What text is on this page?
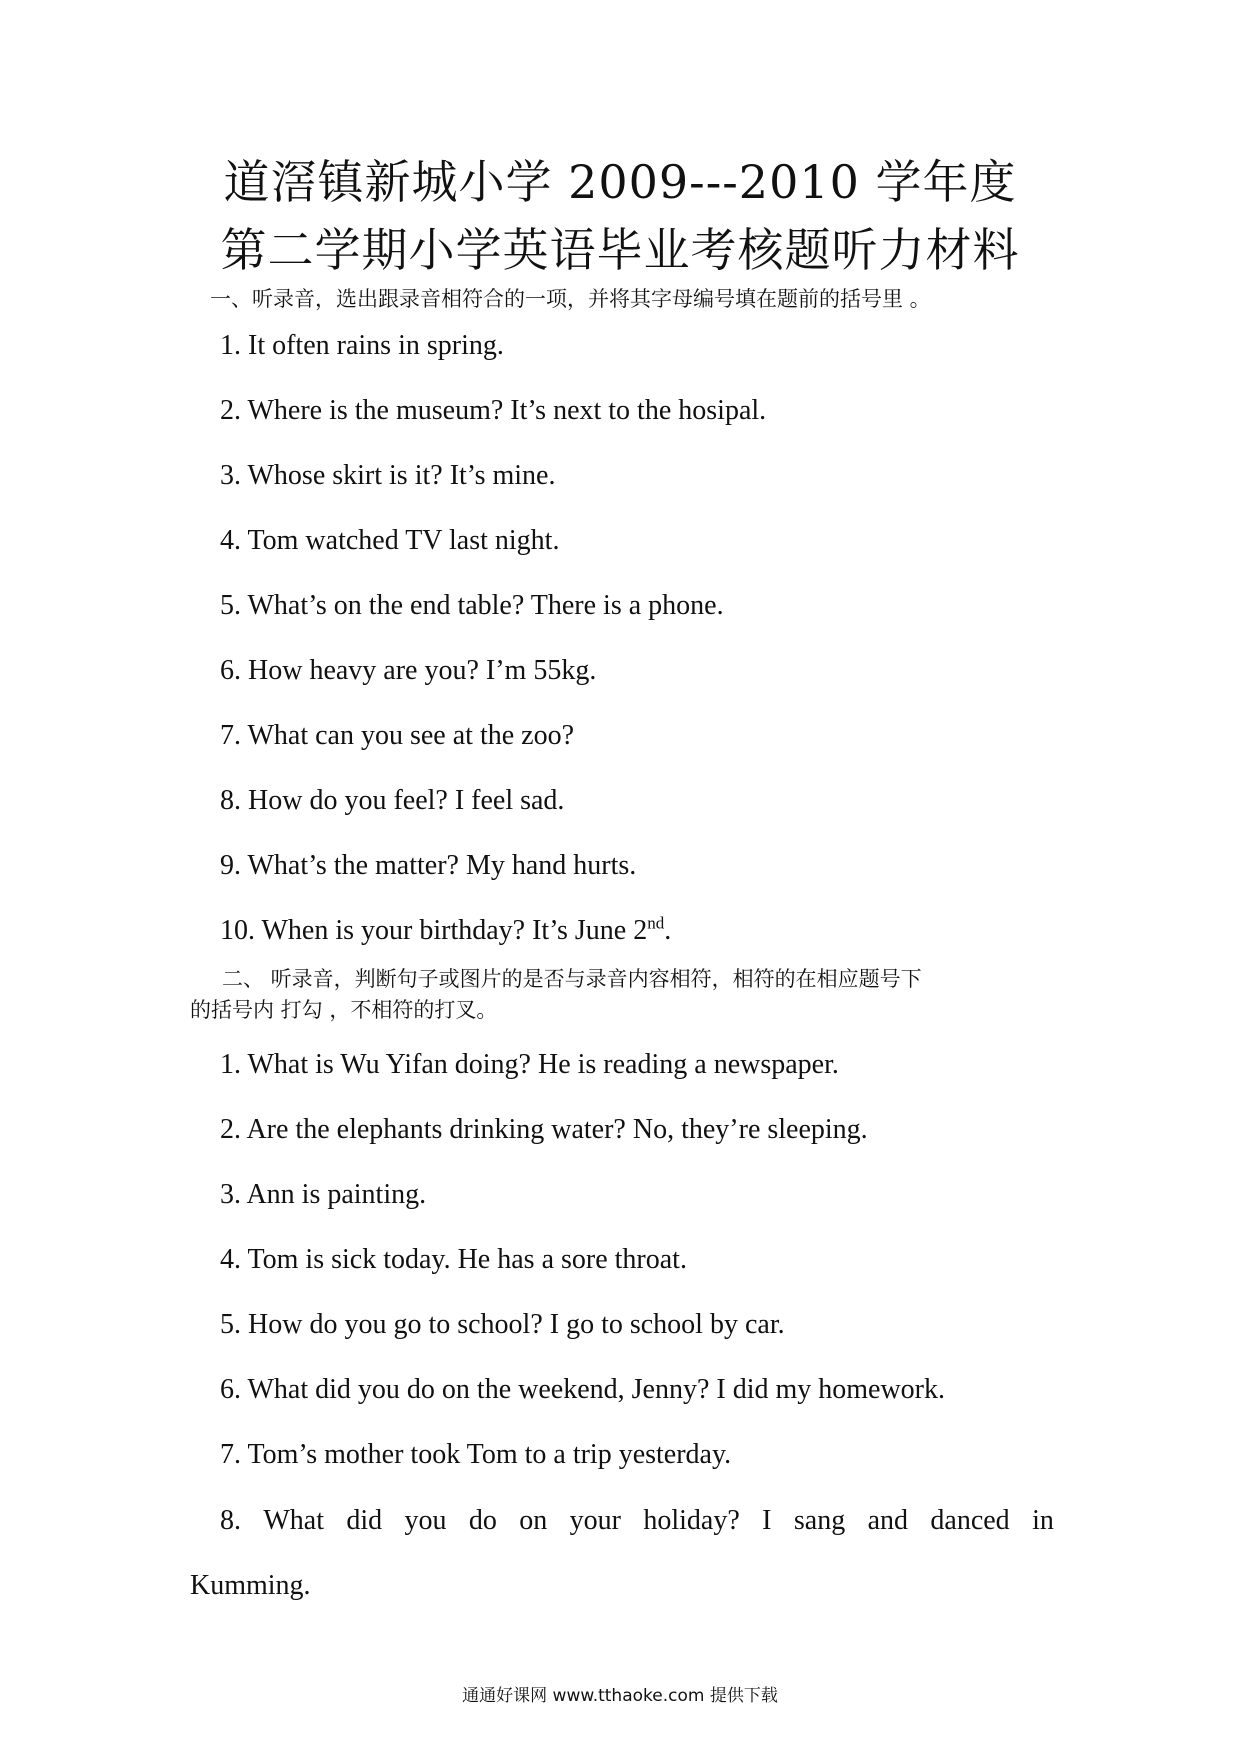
道滘镇新城小学 2009---2010 学年度
第二学期小学英语毕业考核题听力材料
一、听录音，选出跟录音相符合的一项，并将其字母编号填在题前的括号里 。
1. It often rains in spring.
2. Where is the museum? It’s next to the hosipal.
3. Whose skirt is it? It’s mine.
4. Tom watched TV last night.
5. What’s on the end table? There is a phone.
6. How heavy are you? I’m 55kg.
7. What can you see at the zoo?
8. How do you feel? I feel sad.
9. What’s the matter? My hand hurts.
10. When is your birthday? It’s June 2nd.
二、 听录音，判断句子或图片的是否与录音内容相符，相符的在相应题号下
的括号内 打勾 ，不相符的打叉。
1. What is Wu Yifan doing? He is reading a newspaper.
2. Are the elephants drinking water? No, they’re sleeping.
3. Ann is painting.
4. Tom is sick today. He has a sore throat.
5. How do you go to school? I go to school by car.
6. What did you do on the weekend, Jenny? I did my homework.
7. Tom’s mother took Tom to a trip yesterday.
8. What did you do on your holiday? I sang and danced in
Kumming.
通通好课网 www.tthaoke.com 提供下载
